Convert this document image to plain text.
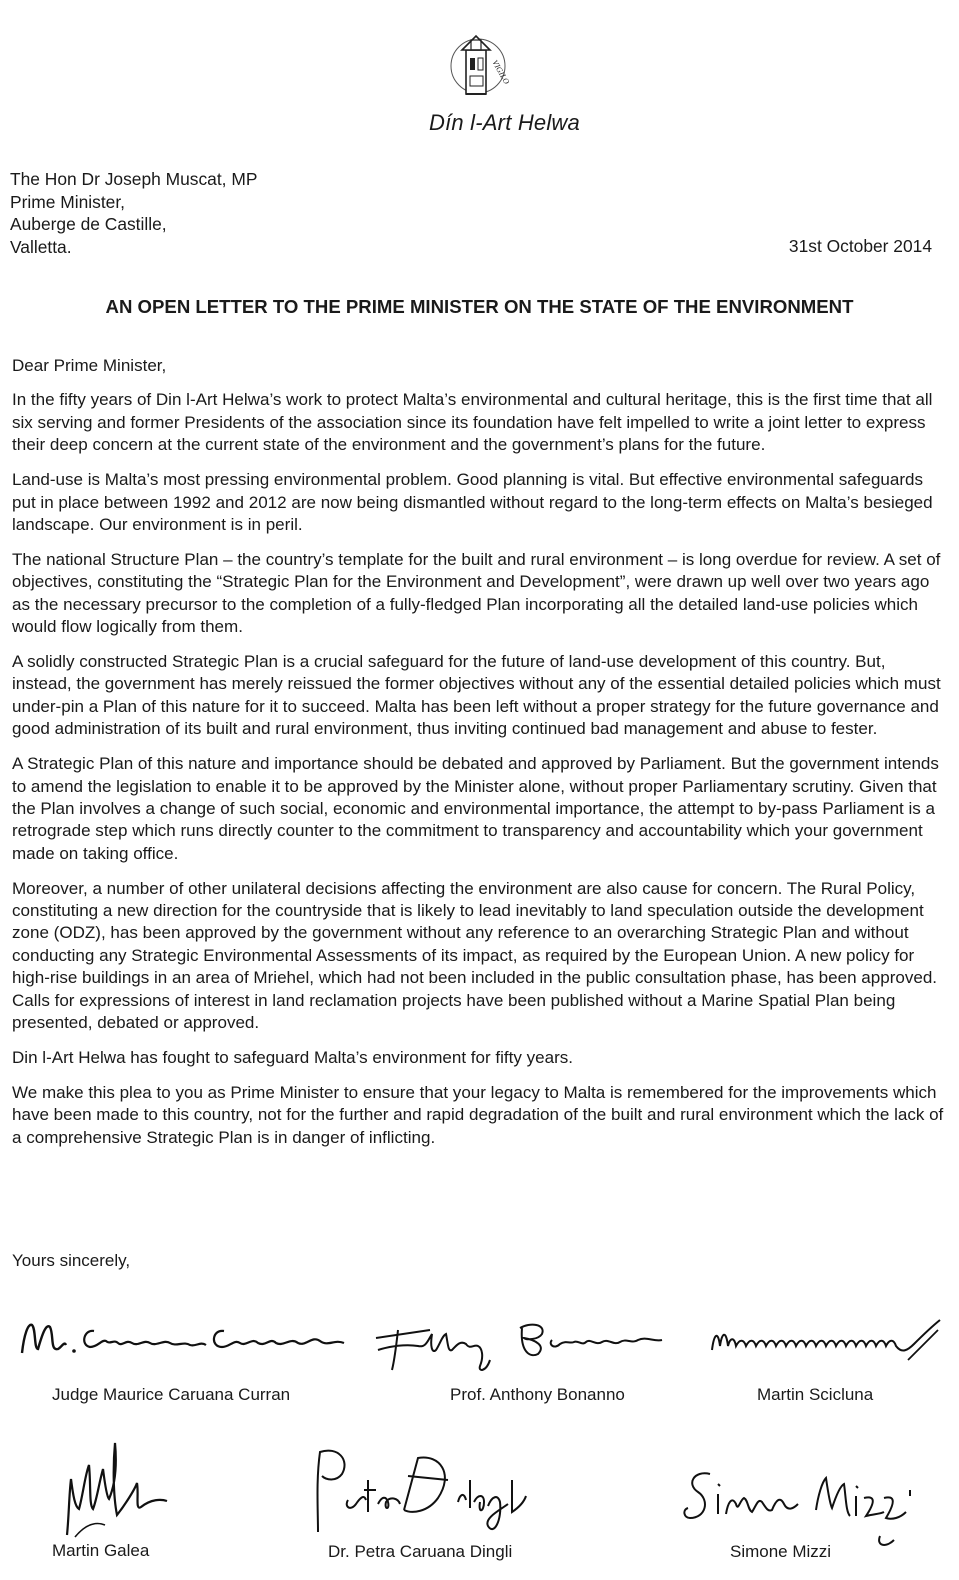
VIGILO
Dín l-Art Helwa
The Hon Dr Joseph Muscat, MP
Prime Minister,
Auberge de Castille,
Valletta.	31st October 2014
AN OPEN LETTER TO THE PRIME MINISTER ON THE STATE OF THE ENVIRONMENT

Dear Prime Minister,

In the fifty years of Din l-Art Helwa’s work to protect Malta’s environmental and cultural heritage, this is the first time that all six serving and former Presidents of the association since its foundation have felt impelled to write a joint letter to express their deep concern at the current state of the environment and the government’s plans for the future.

Land-use is Malta’s most pressing environmental problem. Good planning is vital. But effective environmental safeguards put in place between 1992 and 2012 are now being dismantled without regard to the long-term effects on Malta’s besieged landscape. Our environment is in peril.

The national Structure Plan – the country’s template for the built and rural environment – is long overdue for review. A set of objectives, constituting the “Strategic Plan for the Environment and Development”, were drawn up well over two years ago as the necessary precursor to the completion of a fully-fledged Plan incorporating all the detailed land-use policies which would flow logically from them.

A solidly constructed Strategic Plan is a crucial safeguard for the future of land-use development of this country. But, instead, the government has merely reissued the former objectives without any of the essential detailed policies which must under-pin a Plan of this nature for it to succeed. Malta has been left without a proper strategy for the future governance and good administration of its built and rural environment, thus inviting continued bad management and abuse to fester.

A Strategic Plan of this nature and importance should be debated and approved by Parliament. But the government intends to amend the legislation to enable it to be approved by the Minister alone, without proper Parliamentary scrutiny. Given that the Plan involves a change of such social, economic and environmental importance, the attempt to by-pass Parliament is a retrograde step which runs directly counter to the commitment to transparency and accountability which your government made on taking office.

Moreover, a number of other unilateral decisions affecting the environment are also cause for concern. The Rural Policy, constituting a new direction for the countryside that is likely to lead inevitably to land speculation outside the development zone (ODZ), has been approved by the government without any reference to an overarching Strategic Plan and without conducting any Strategic Environmental Assessments of its impact, as required by the European Union. A new policy for high-rise buildings in an area of Mriehel, which had not been included in the public consultation phase, has been approved. Calls for expressions of interest in land reclamation projects have been published without a Marine Spatial Plan being presented, debated or approved.

Din l-Art Helwa has fought to safeguard Malta’s environment for fifty years.

We make this plea to you as Prime Minister to ensure that your legacy to Malta is remembered for the improvements which have been made to this country, not for the further and rapid degradation of the built and rural environment which the lack of a comprehensive Strategic Plan is in danger of inflicting.

Yours sincerely,
Judge Maurice Caruana Curran	Prof. Anthony Bonanno	Martin Scicluna
Martin Galea	Dr. Petra Caruana Dingli	Simone Mizzi
